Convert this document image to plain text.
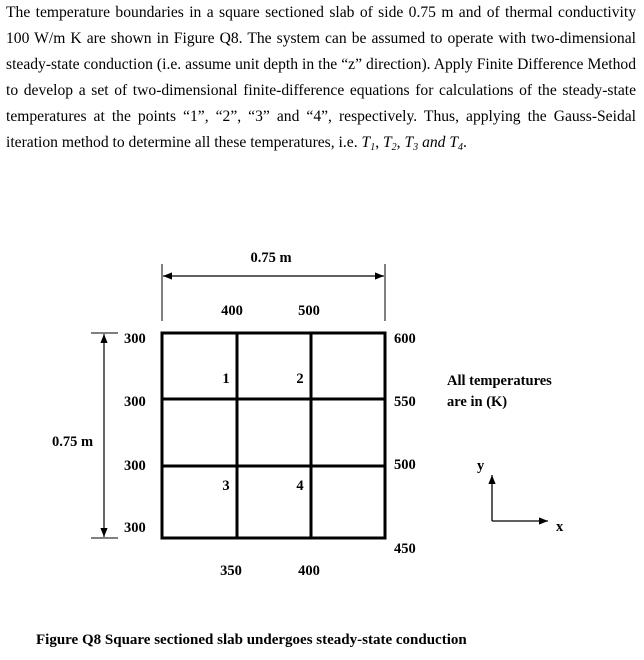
The temperature boundaries in a square sectioned slab of side 0.75 m and of thermal conductivity 100 W/m K are shown in Figure Q8. The system can be assumed to operate with two-dimensional steady-state conduction (i.e. assume unit depth in the “z” direction). Apply Finite Difference Method to develop a set of two-dimensional finite-difference equations for calculations of the steady-state temperatures at the points “1”, “2”, “3” and “4”, respectively. Thus, applying the Gauss-Seidal iteration method to determine all these temperatures, i.e. $T_1$, $T_2$, $T_3$ and $T_4$.

0.75 m
0.75 m
400	500
300
300
300
300
600
550
500
450
350	400
1	2
3	4
All temperatures
are in (K)
y
x
Figure Q8 Square sectioned slab undergoes steady-state conduction
